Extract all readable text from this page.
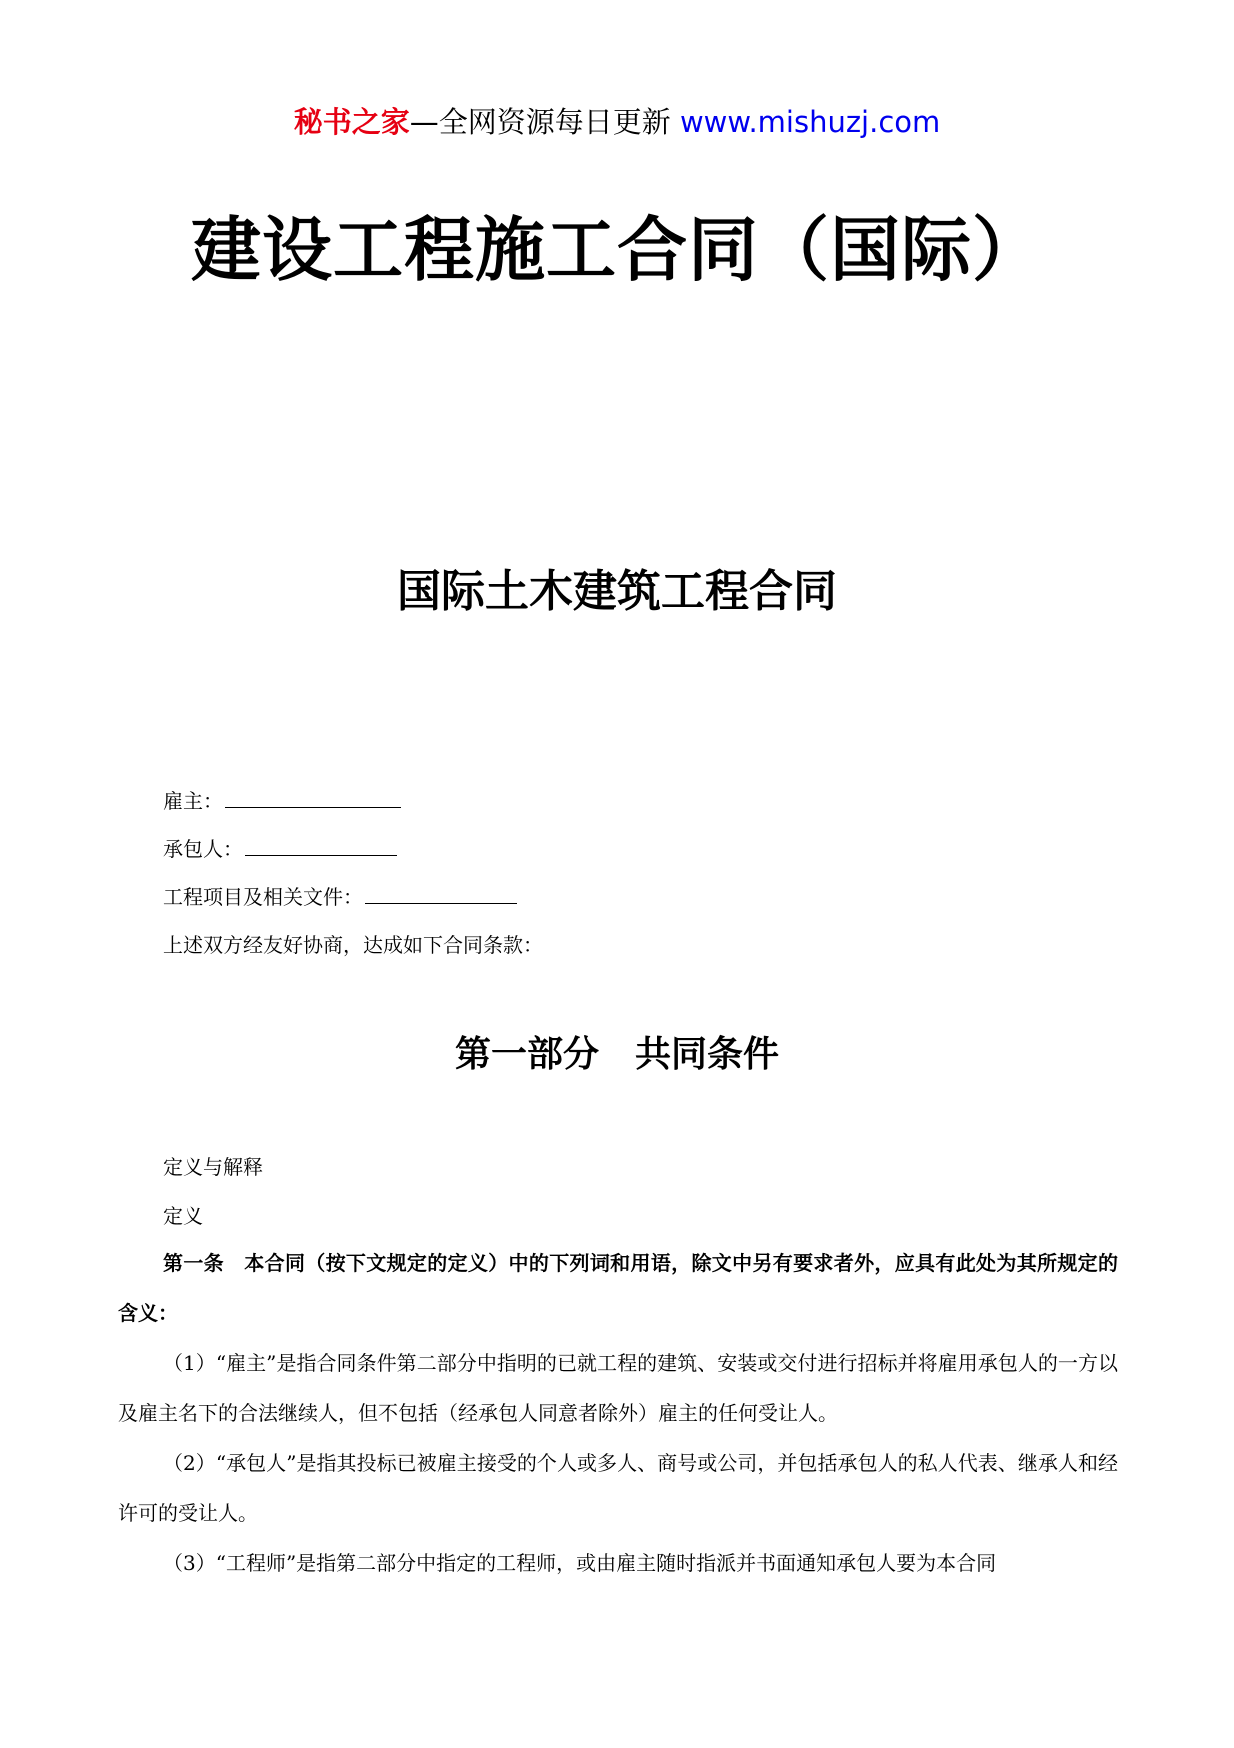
秘书之家—全网资源每日更新 www.mishuzj.com
建设工程施工合同（国际）
国际土木建筑工程合同
雇主：
承包人：
工程项目及相关文件：
上述双方经友好协商，达成如下合同条款：
第一部分　共同条件
定义与解释
定义

第一条　本合同（按下文规定的定义）中的下列词和用语，除文中另有要求者外，应具有此处为其所规定的含义：

（1）“雇主”是指合同条件第二部分中指明的已就工程的建筑、安装或交付进行招标并将雇用承包人的一方以及雇主名下的合法继续人，但不包括（经承包人同意者除外）雇主的任何受让人。

（2）“承包人”是指其投标已被雇主接受的个人或多人、商号或公司，并包括承包人的私人代表、继承人和经许可的受让人。

（3）“工程师”是指第二部分中指定的工程师，或由雇主随时指派并书面通知承包人要为本合同
